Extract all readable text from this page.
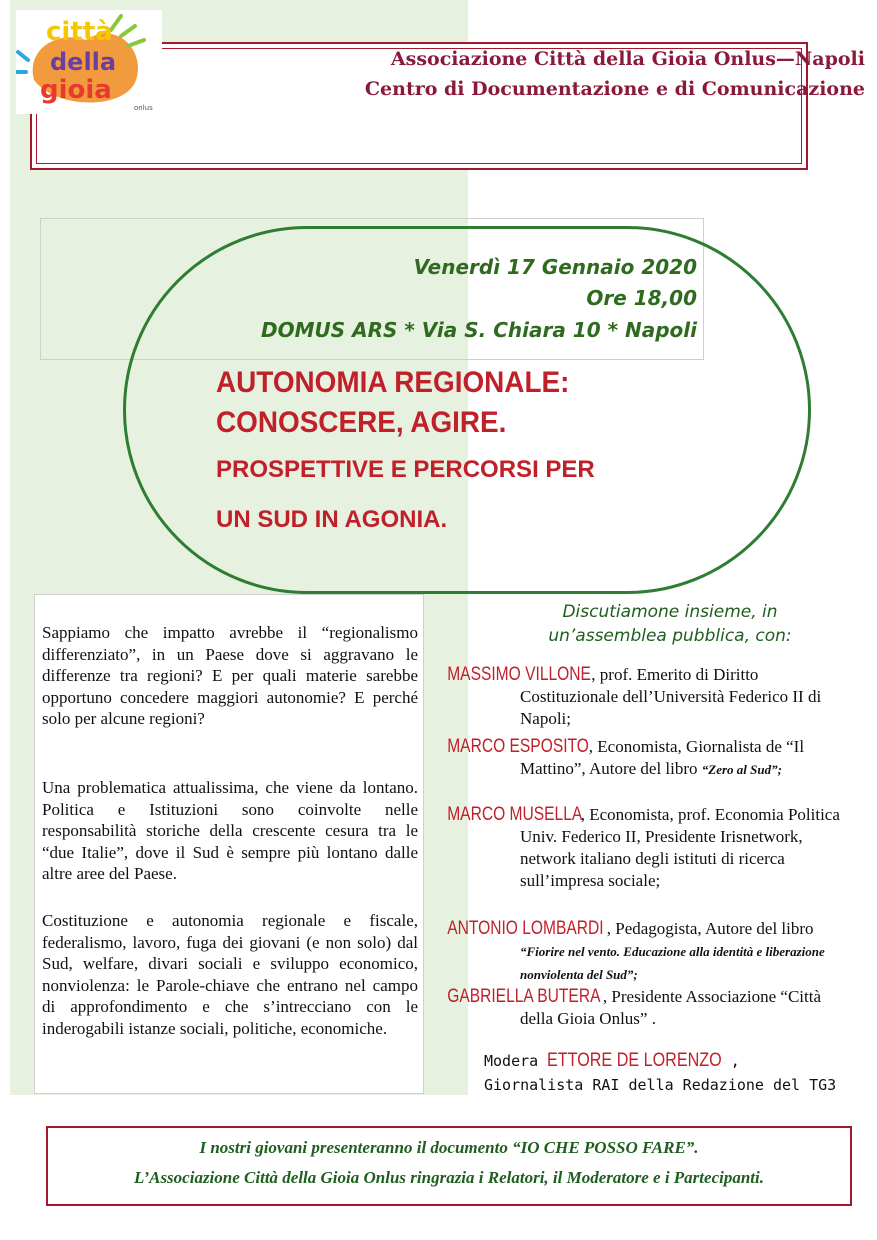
città
della
gioia
onlus
Associazione Città della Gioia Onlus—Napoli
Centro di Documentazione e di Comunicazione
Venerdì 17 Gennaio 2020
Ore 18,00
DOMUS ARS * Via S. Chiara 10 * Napoli
AUTONOMIA REGIONALE:
CONOSCERE, AGIRE.
PROSPETTIVE E PERCORSI PER
UN SUD IN AGONIA.

Sappiamo che impatto avrebbe il “regionalismo differenziato”, in un Paese dove si aggravano le differenze tra regioni? E per quali materie sarebbe opportuno concedere maggiori autonomie? E perché solo per alcune regioni?

Una problematica attualissima, che viene da lontano. Politica e Istituzioni sono coinvolte nelle responsabilità storiche della crescente cesura tra le “due Italie”, dove il Sud è sempre più lontano dalle altre aree del Paese.

Costituzione e autonomia regionale e fiscale, federalismo, lavoro, fuga dei giovani (e non solo) dal Sud, welfare, divari sociali e sviluppo economico, nonviolenza: le Parole-chiave che entrano nel campo di approfondimento e che s’intrecciano con le inderogabili istanze sociali, politiche, economiche.

Discutiamone insieme, in
un’assemblea pubblica, con:

MASSIMO VILLONE, prof. Emerito di Diritto Costituzionale dell’Università Federico II di Napoli;

MARCO ESPOSITO, Economista, Giornalista de “Il Mattino”, Autore del libro “Zero al Sud”;

MARCO MUSELLA, Economista, prof. Economia Politica Univ. Federico II, Presidente Irisnetwork, network italiano degli istituti di ricerca sull’impresa sociale;

ANTONIO LOMBARDI , Pedagogista, Autore del libro “Fiorire nel vento. Educazione alla identità e liberazione nonviolenta del Sud”;

GABRIELLA BUTERA , Presidente Associazione “Città della Gioia Onlus” .

Modera ETTORE DE LORENZO , Giornalista RAI della Redazione del TG3

I nostri giovani presenteranno il documento “IO CHE POSSO FARE”.
L’Associazione Città della Gioia Onlus ringrazia i Relatori, il Moderatore e i Partecipanti.
